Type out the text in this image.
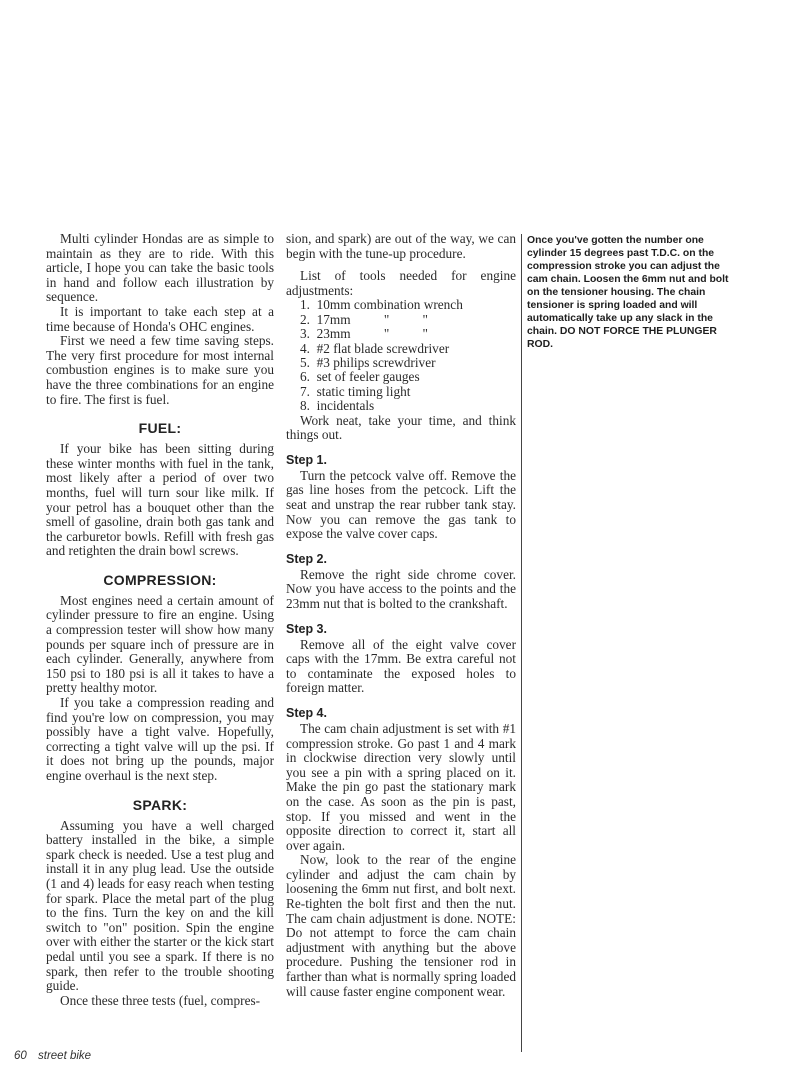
Multi cylinder Hondas are as simple to maintain as they are to ride. With this article, I hope you can take the basic tools in hand and follow each illustration by sequence.

It is important to take each step at a time because of Honda's OHC engines.

First we need a few time saving steps. The very first procedure for most internal combustion engines is to make sure you have the three combinations for an engine to fire. The first is fuel.

FUEL:

If your bike has been sitting during these winter months with fuel in the tank, most likely after a period of over two months, fuel will turn sour like milk. If your petrol has a bouquet other than the smell of gasoline, drain both gas tank and the carburetor bowls. Refill with fresh gas and retighten the drain bowl screws.

COMPRESSION:

Most engines need a certain amount of cylinder pressure to fire an engine. Using a compression tester will show how many pounds per square inch of pressure are in each cylinder. Generally, anywhere from 150 psi to 180 psi is all it takes to have a pretty healthy motor.

If you take a compression reading and find you're low on compression, you may possibly have a tight valve. Hopefully, correcting a tight valve will up the psi. If it does not bring up the pounds, major engine overhaul is the next step.

SPARK:

Assuming you have a well charged battery installed in the bike, a simple spark check is needed. Use a test plug and install it in any plug lead. Use the outside (1 and 4) leads for easy reach when testing for spark. Place the metal part of the plug to the fins. Turn the key on and the kill switch to "on" position. Spin the engine over with either the starter or the kick start pedal until you see a spark. If there is no spark, then refer to the trouble shooting guide.

Once these three tests (fuel, compres-

sion, and spark) are out of the way, we can begin with the tune-up procedure.

List of tools needed for engine adjustments:

1.  10mm combination wrench
2.  17mm          "          "
3.  23mm          "          "
4.  #2 flat blade screwdriver
5.  #3 philips screwdriver
6.  set of feeler gauges
7.  static timing light
8.  incidentals

Work neat, take your time, and think things out.

Step 1.

Turn the petcock valve off. Remove the gas line hoses from the petcock. Lift the seat and unstrap the rear rubber tank stay. Now you can remove the gas tank to expose the valve cover caps.

Step 2.

Remove the right side chrome cover. Now you have access to the points and the 23mm nut that is bolted to the crankshaft.

Step 3.

Remove all of the eight valve cover caps with the 17mm. Be extra careful not to contaminate the exposed holes to foreign matter.

Step 4.

The cam chain adjustment is set with #1 compression stroke. Go past 1 and 4 mark in clockwise direction very slowly until you see a pin with a spring placed on it. Make the pin go past the stationary mark on the case. As soon as the pin is past, stop. If you missed and went in the opposite direction to correct it, start all over again.

Now, look to the rear of the engine cylinder and adjust the cam chain by loosening the 6mm nut first, and bolt next. Re-tighten the bolt first and then the nut. The cam chain adjustment is done. NOTE: Do not attempt to force the cam chain adjustment with anything but the above procedure. Pushing the tensioner rod in farther than what is normally spring loaded will cause faster engine component wear.

Once you've gotten the number one cylinder 15 degrees past T.D.C. on the compression stroke you can adjust the cam chain. Loosen the 6mm nut and bolt on the tensioner housing. The chain tensioner is spring loaded and will automatically take up any slack in the chain. DO NOT FORCE THE PLUNGER ROD.

60 street bike
